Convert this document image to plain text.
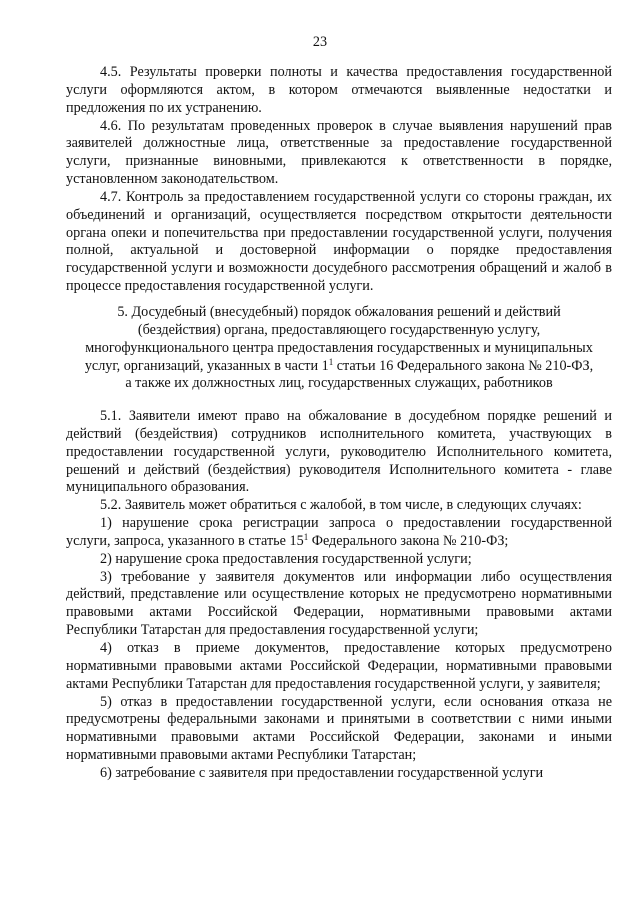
23

4.5. Результаты проверки полноты и качества предоставления государственной услуги оформляются актом, в котором отмечаются выявленные недостатки и предложения по их устранению.

4.6. По результатам проведенных проверок в случае выявления нарушений прав заявителей должностные лица, ответственные за предоставление государственной услуги, признанные виновными, привлекаются к ответственности в порядке, установленном законодательством.

4.7. Контроль за предоставлением государственной услуги со стороны граждан, их объединений и организаций, осуществляется посредством открытости деятельности органа опеки и попечительства при предоставлении государственной услуги, получения полной, актуальной и достоверной информации о порядке предоставления государственной услуги и возможности досудебного рассмотрения обращений и жалоб в процессе предоставления государственной услуги.

5. Досудебный (внесудебный) порядок обжалования решений и действий
(бездействия) органа, предоставляющего государственную услугу,
многофункционального центра предоставления государственных и муниципальных
услуг, организаций, указанных в части $1^1$ статьи 16 Федерального закона № 210-ФЗ,
а также их должностных лиц, государственных служащих, работников

5.1. Заявители имеют право на обжалование в досудебном порядке решений и действий (бездействия) сотрудников исполнительного комитета, участвующих в предоставлении государственной услуги, руководителю Исполнительного комитета, решений и действий (бездействия) руководителя Исполнительного комитета - главе муниципального образования.

5.2. Заявитель может обратиться с жалобой, в том числе, в следующих случаях:

1) нарушение срока регистрации запроса о предоставлении государственной услуги, запроса, указанного в статье $15^1$ Федерального закона № 210-ФЗ;

2) нарушение срока предоставления государственной услуги;

3) требование у заявителя документов или информации либо осуществления действий, представление или осуществление которых не предусмотрено нормативными правовыми актами Российской Федерации, нормативными правовыми актами Республики Татарстан для предоставления государственной услуги;

4) отказ в приеме документов, предоставление которых предусмотрено нормативными правовыми актами Российской Федерации, нормативными правовыми актами Республики Татарстан для предоставления государственной услуги, у заявителя;

5) отказ в предоставлении государственной услуги, если основания отказа не предусмотрены федеральными законами и принятыми в соответствии с ними иными нормативными правовыми актами Российской Федерации, законами и иными нормативными правовыми актами Республики Татарстан;

6) затребование с заявителя при предоставлении государственной услуги
